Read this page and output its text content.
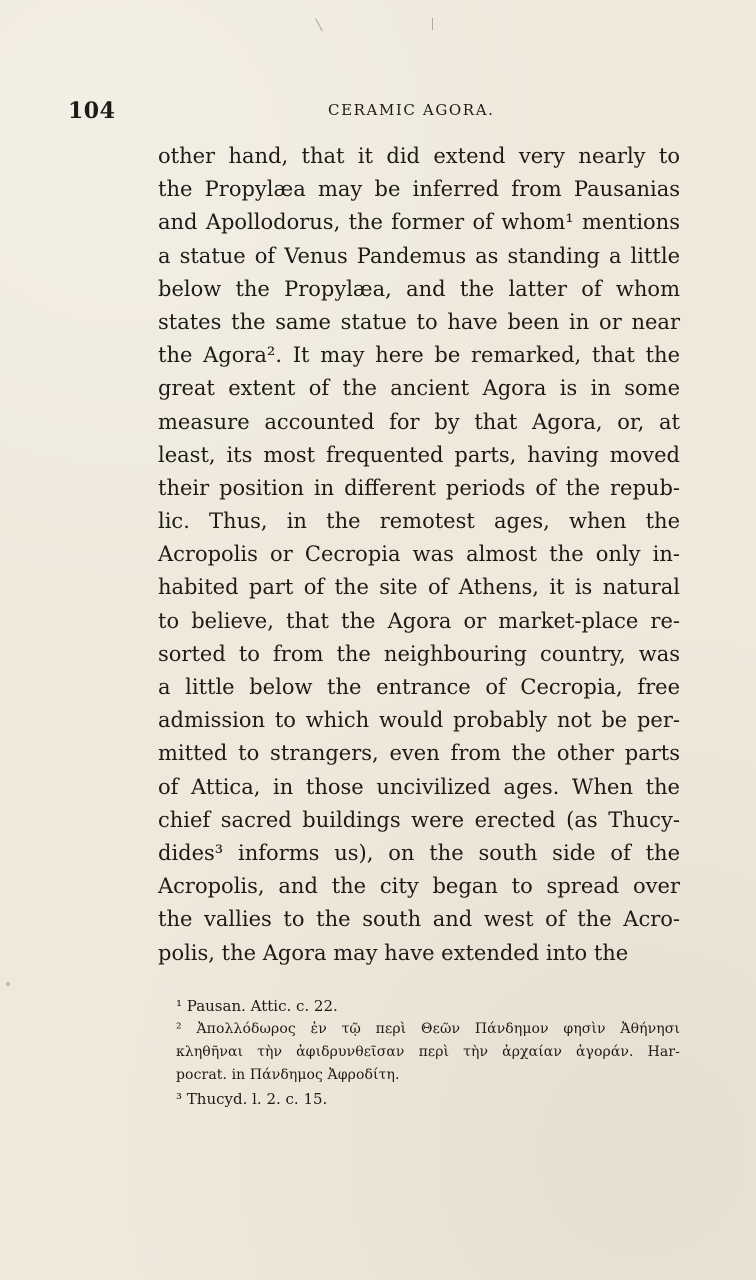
104	CERAMIC AGORA.
other hand, that it did extend very nearly to
the Propylæa may be inferred from Pausanias
and Apollodorus, the former of whom¹ mentions
a statue of Venus Pandemus as standing a little
below the Propylæa, and the latter of whom
states the same statue to have been in or near
the Agora². It may here be remarked, that the
great extent of the ancient Agora is in some
measure accounted for by that Agora, or, at
least, its most frequented parts, having moved
their position in different periods of the repub-
lic. Thus, in the remotest ages, when the
Acropolis or Cecropia was almost the only in-
habited part of the site of Athens, it is natural
to believe, that the Agora or market-place re-
sorted to from the neighbouring country, was
a little below the entrance of Cecropia, free
admission to which would probably not be per-
mitted to strangers, even from the other parts
of Attica, in those uncivilized ages. When the
chief sacred buildings were erected (as Thucy-
dides³ informs us), on the south side of the
Acropolis, and the city began to spread over
the vallies to the south and west of the Acro-
polis, the Agora may have extended into the
¹ Pausan. Attic. c. 22.
² Ἀπολλόδωρος ἐν τῷ περὶ Θεῶν Πάνδημον φησὶν Ἀθήνησι
κληθῆναι τὴν ἀφιδρυνθεῖσαν περὶ τὴν ἀρχαίαν ἀγοράν. Har-
pocrat. in Πάνδημος Ἀφροδίτη.
³ Thucyd. l. 2. c. 15.
